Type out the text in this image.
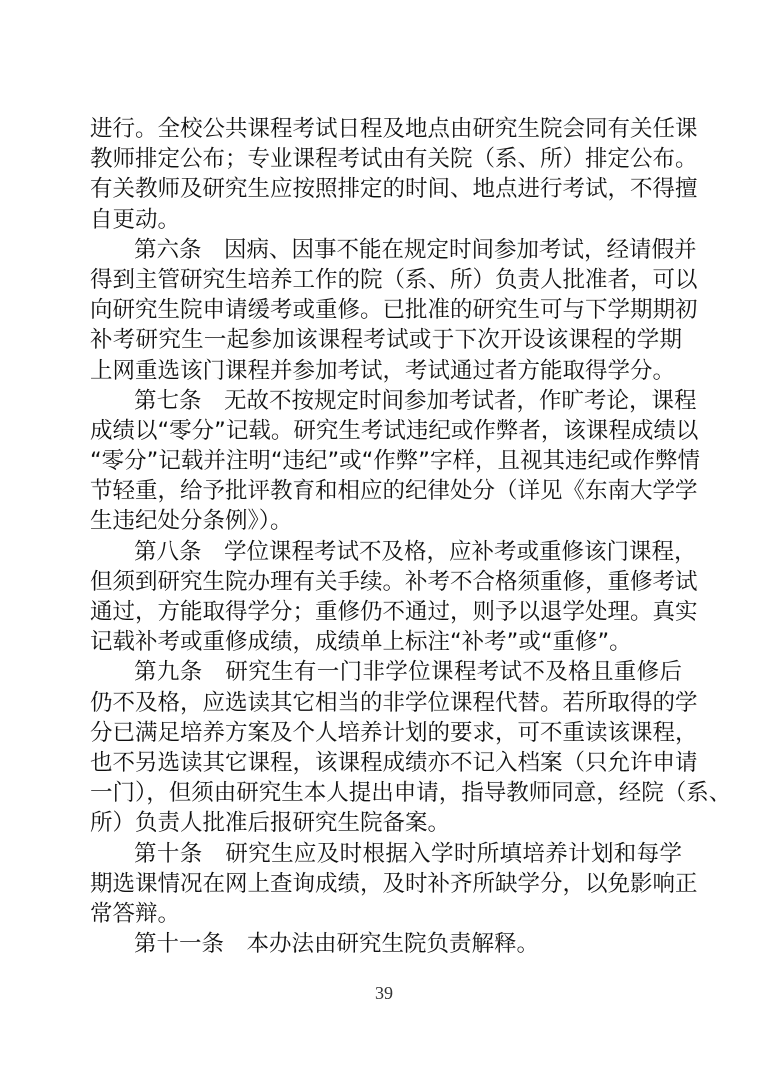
进行。全校公共课程考试日程及地点由研究生院会同有关任课
教师排定公布；专业课程考试由有关院（系、所）排定公布。
有关教师及研究生应按照排定的时间、地点进行考试，不得擅
自更动。
第六条　因病、因事不能在规定时间参加考试，经请假并
得到主管研究生培养工作的院（系、所）负责人批准者，可以
向研究生院申请缓考或重修。已批准的研究生可与下学期期初
补考研究生一起参加该课程考试或于下次开设该课程的学期
上网重选该门课程并参加考试，考试通过者方能取得学分。
第七条　无故不按规定时间参加考试者，作旷考论，课程
成绩以“零分”记载。研究生考试违纪或作弊者，该课程成绩以
“零分”记载并注明“违纪”或“作弊”字样，且视其违纪或作弊情
节轻重，给予批评教育和相应的纪律处分（详见《东南大学学
生违纪处分条例》）。
第八条　学位课程考试不及格，应补考或重修该门课程，
但须到研究生院办理有关手续。补考不合格须重修，重修考试
通过，方能取得学分；重修仍不通过，则予以退学处理。真实
记载补考或重修成绩，成绩单上标注“补考”或“重修”。
第九条　研究生有一门非学位课程考试不及格且重修后
仍不及格，应选读其它相当的非学位课程代替。若所取得的学
分已满足培养方案及个人培养计划的要求，可不重读该课程，
也不另选读其它课程，该课程成绩亦不记入档案（只允许申请
一门），但须由研究生本人提出申请，指导教师同意，经院（系、
所）负责人批准后报研究生院备案。
第十条　研究生应及时根据入学时所填培养计划和每学
期选课情况在网上查询成绩，及时补齐所缺学分，以免影响正
常答辩。
第十一条　本办法由研究生院负责解释。
39
